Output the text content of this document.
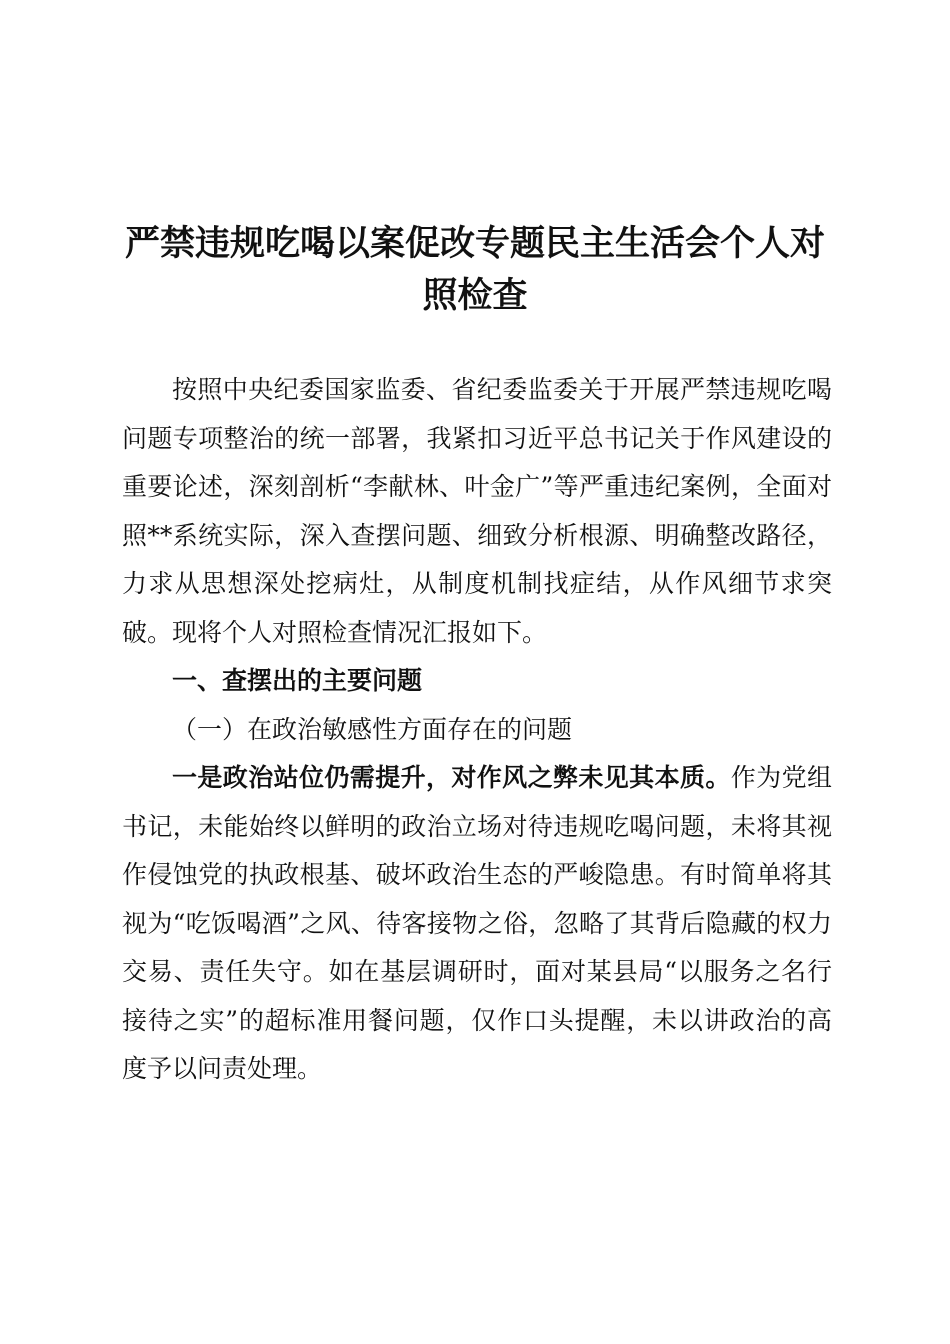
严禁违规吃喝以案促改专题民主生活会个人对照检查

按照中央纪委国家监委、省纪委监委关于开展严禁违规吃喝问题专项整治的统一部署，我紧扣习近平总书记关于作风建设的重要论述，深刻剖析“李献林、叶金广”等严重违纪案例，全面对照**系统实际，深入查摆问题、细致分析根源、明确整改路径，力求从思想深处挖病灶，从制度机制找症结，从作风细节求突破。现将个人对照检查情况汇报如下。

一、查摆出的主要问题

（一）在政治敏感性方面存在的问题

一是政治站位仍需提升，对作风之弊未见其本质。作为党组书记，未能始终以鲜明的政治立场对待违规吃喝问题，未将其视作侵蚀党的执政根基、破坏政治生态的严峻隐患。有时简单将其视为“吃饭喝酒”之风、待客接物之俗，忽略了其背后隐藏的权力交易、责任失守。如在基层调研时，面对某县局“以服务之名行接待之实”的超标准用餐问题，仅作口头提醒，未以讲政治的高度予以问责处理。
